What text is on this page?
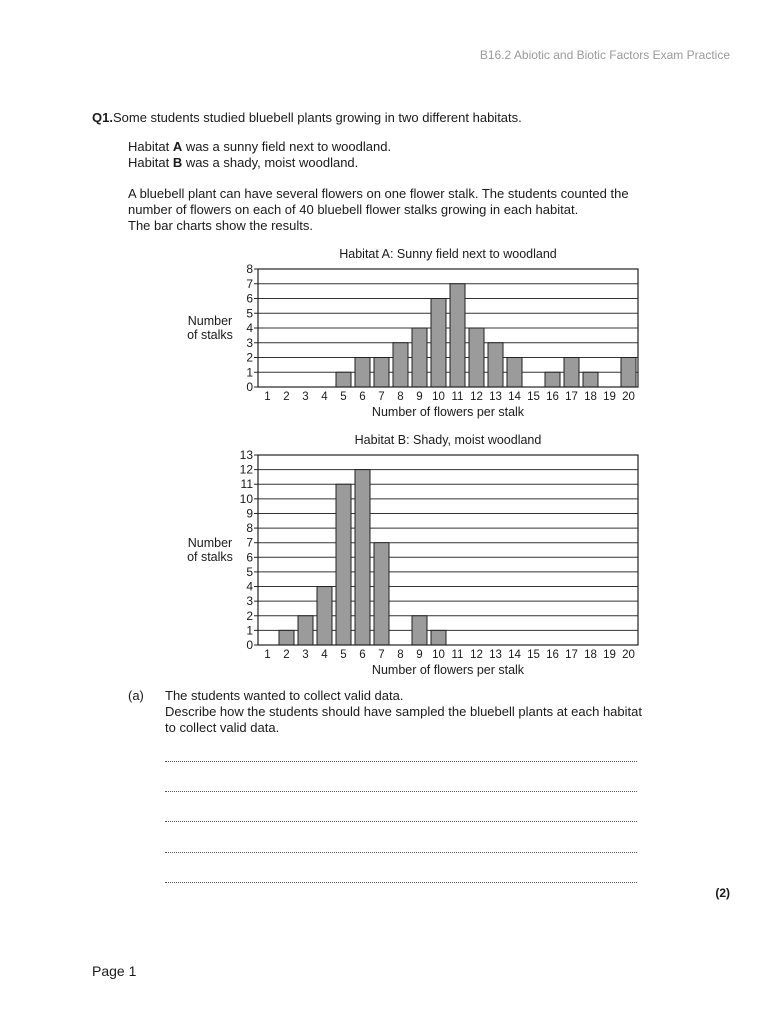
B16.2 Abiotic and Biotic Factors Exam Practice
Q1.Some students studied bluebell plants growing in two different habitats.
Habitat A was a sunny field next to woodland.
Habitat B was a shady, moist woodland.
A bluebell plant can have several flowers on one flower stalk. The students counted the
number of flowers on each of 40 bluebell flower stalks growing in each habitat.
The bar charts show the results.
Habitat A: Sunny field next to woodland
0
1
2
3
4
5
6
7
8
1 2 3 4 5 6 7 8 9 10 11 12 13 14 15 16 17 18 19 20
Number
of stalks
Number of flowers per stalk
Habitat B: Shady, moist woodland
0
1
2
3
4
5
6
7
8
9
10
11
12
13
1 2 3 4 5 6 7 8 9 10 11 12 13 14 15 16 17 18 19 20
Number
of stalks
Number of flowers per stalk
(a) The students wanted to collect valid data.
Describe how the students should have sampled the bluebell plants at each habitat
to collect valid data.
(2)
Page 1
